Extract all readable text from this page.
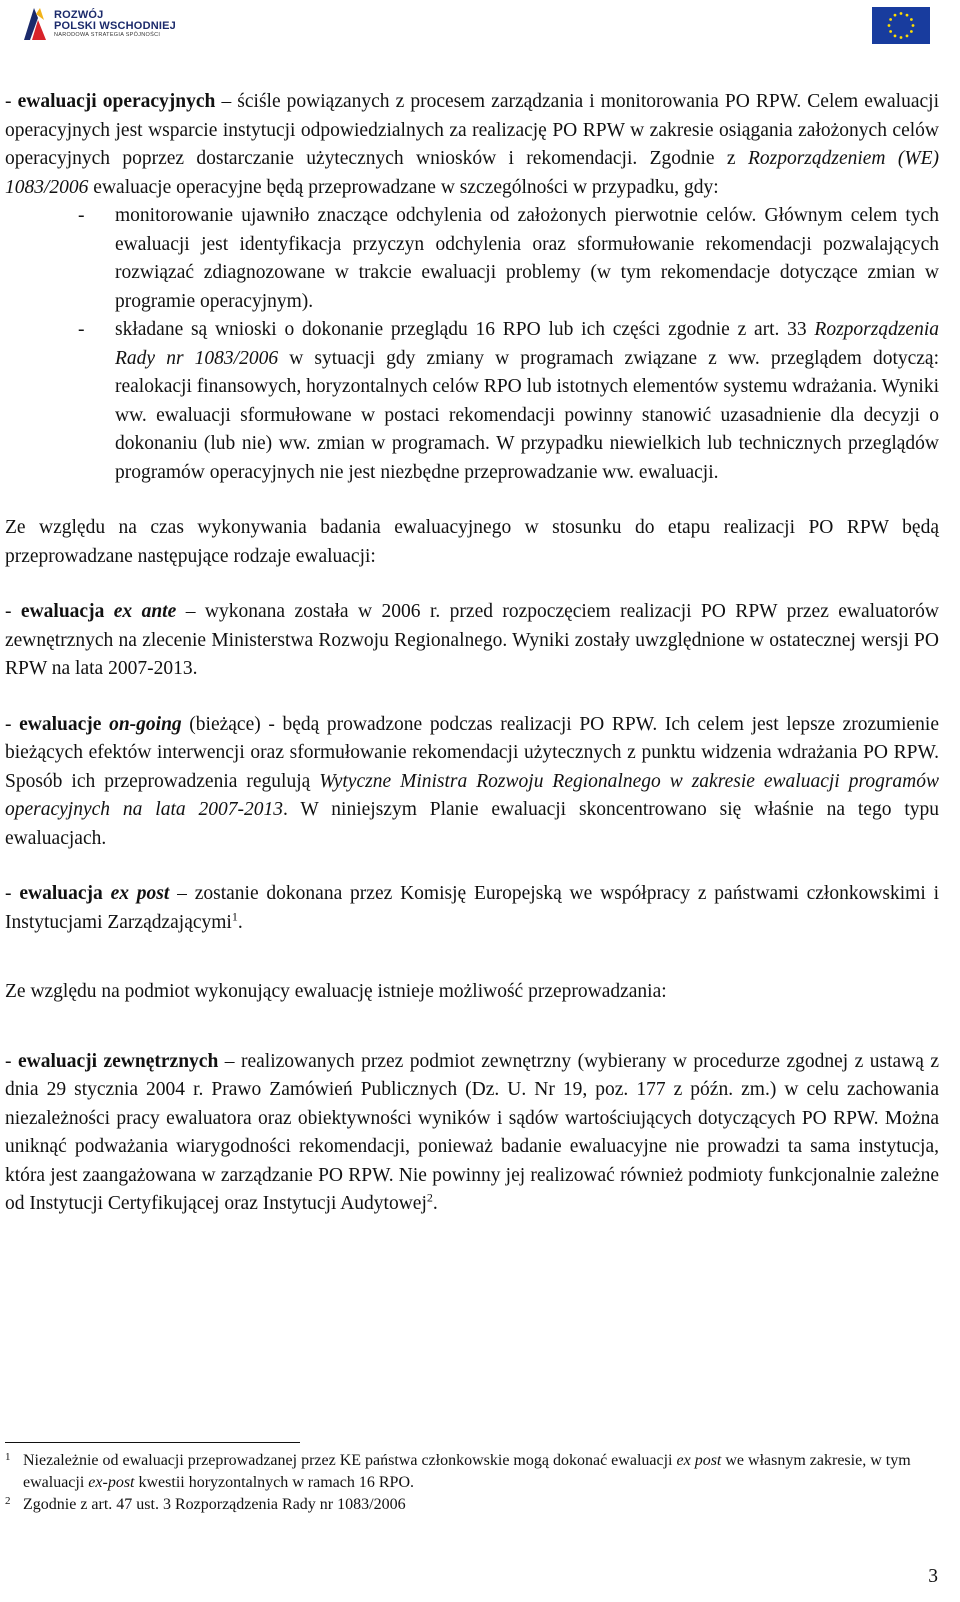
ROZWÓJ
POLSKI WSCHODNIEJ
NARODOWA STRATEGIA SPÓJNOŚCI

- ewaluacji operacyjnych – ściśle powiązanych z procesem zarządzania i monitorowania PO RPW. Celem ewaluacji operacyjnych jest wsparcie instytucji odpowiedzialnych za realizację PO RPW w zakresie osiągania założonych celów operacyjnych poprzez dostarczanie użytecznych wniosków i rekomendacji. Zgodnie z Rozporządzeniem (WE) 1083/2006 ewaluacje operacyjne będą przeprowadzane w szczególności w przypadku, gdy:

- monitorowanie ujawniło znaczące odchylenia od założonych pierwotnie celów. Głównym celem tych ewaluacji jest identyfikacja przyczyn odchylenia oraz sformułowanie rekomendacji pozwalających rozwiązać zdiagnozowane w trakcie ewaluacji problemy (w tym rekomendacje dotyczące zmian w programie operacyjnym).
- składane są wnioski o dokonanie przeglądu 16 RPO lub ich części zgodnie z art. 33 Rozporządzenia Rady nr 1083/2006 w sytuacji gdy zmiany w programach związane z ww. przeglądem dotyczą: realokacji finansowych, horyzontalnych celów RPO lub istotnych elementów systemu wdrażania. Wyniki ww. ewaluacji sformułowane w postaci rekomendacji powinny stanowić uzasadnienie dla decyzji o dokonaniu (lub nie) ww. zmian w programach. W przypadku niewielkich lub technicznych przeglądów programów operacyjnych nie jest niezbędne przeprowadzanie ww. ewaluacji.

Ze względu na czas wykonywania badania ewaluacyjnego w stosunku do etapu realizacji PO RPW będą przeprowadzane następujące rodzaje ewaluacji:

- ewaluacja ex ante – wykonana została w 2006 r. przed rozpoczęciem realizacji PO RPW przez ewaluatorów zewnętrznych na zlecenie Ministerstwa Rozwoju Regionalnego. Wyniki zostały uwzględnione w ostatecznej wersji PO RPW na lata 2007-2013.

- ewaluacje on-going (bieżące) - będą prowadzone podczas realizacji PO RPW. Ich celem jest lepsze zrozumienie bieżących efektów interwencji oraz sformułowanie rekomendacji użytecznych z punktu widzenia wdrażania PO RPW. Sposób ich przeprowadzenia regulują Wytyczne Ministra Rozwoju Regionalnego w zakresie ewaluacji programów operacyjnych na lata 2007-2013. W niniejszym Planie ewaluacji skoncentrowano się właśnie na tego typu ewaluacjach.

- ewaluacja ex post – zostanie dokonana przez Komisję Europejską we współpracy z państwami członkowskimi i Instytucjami Zarządzającymi$^1$.

Ze względu na podmiot wykonujący ewaluację istnieje możliwość przeprowadzania:

- ewaluacji zewnętrznych – realizowanych przez podmiot zewnętrzny (wybierany w procedurze zgodnej z ustawą z dnia 29 stycznia 2004 r. Prawo Zamówień Publicznych (Dz. U. Nr 19, poz. 177 z późn. zm.) w celu zachowania niezależności pracy ewaluatora oraz obiektywności wyników i sądów wartościujących dotyczących PO RPW. Można uniknąć podważania wiarygodności rekomendacji, ponieważ badanie ewaluacyjne nie prowadzi ta sama instytucja, która jest zaangażowana w zarządzanie PO RPW. Nie powinny jej realizować również podmioty funkcjonalnie zależne od Instytucji Certyfikującej oraz Instytucji Audytowej$^2$.

1 Niezależnie od ewaluacji przeprowadzanej przez KE państwa członkowskie mogą dokonać ewaluacji ex post we własnym zakresie, w tym ewaluacji ex-post kwestii horyzontalnych w ramach 16 RPO.
2 Zgodnie z art. 47 ust. 3 Rozporządzenia Rady nr 1083/2006
3
